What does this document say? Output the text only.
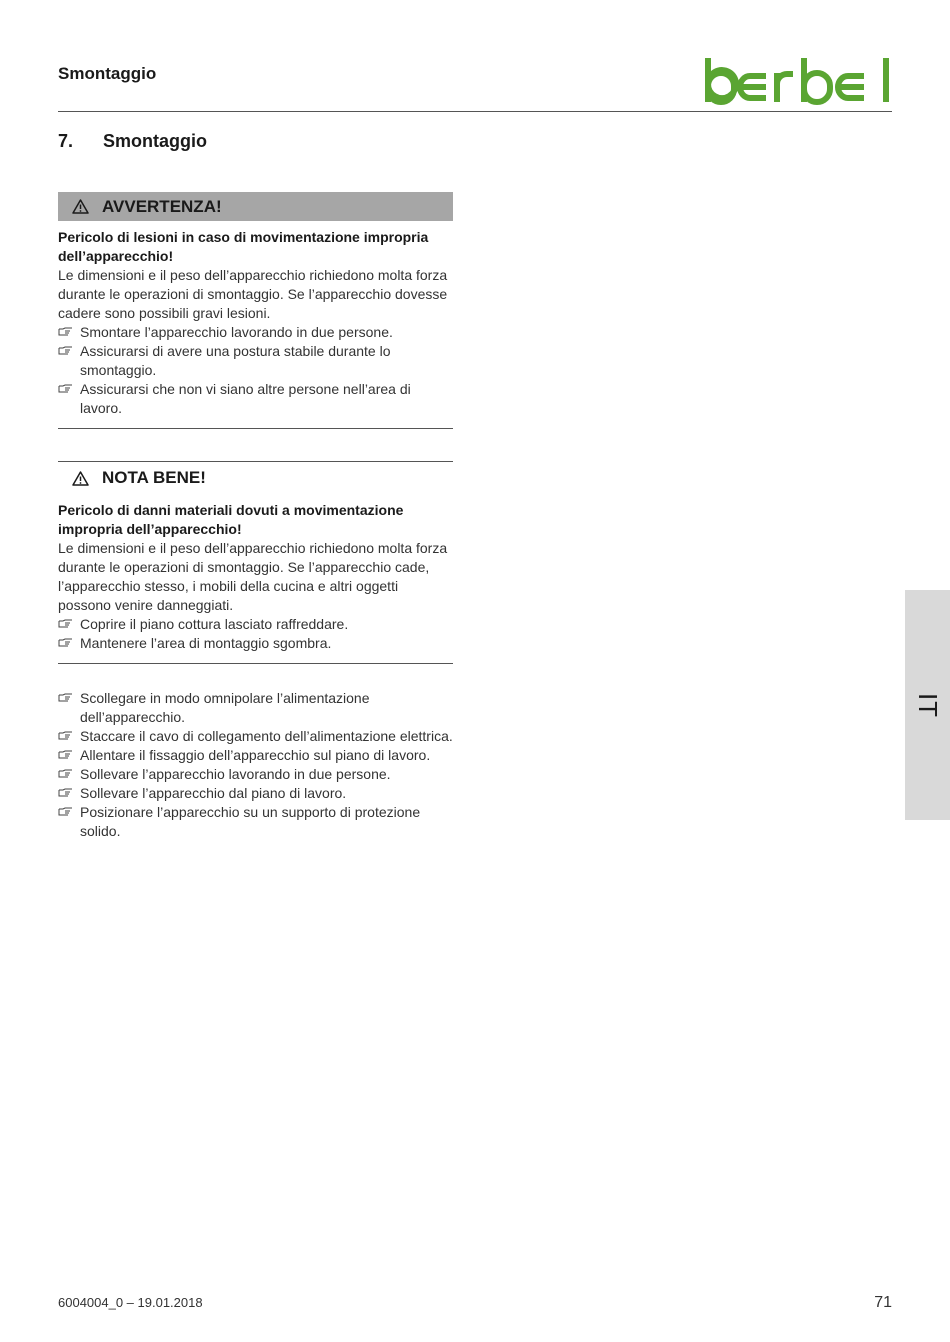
Smontaggio
7. Smontaggio
AVVERTENZA!
Pericolo di lesioni in caso di movimentazione impropria dell’apparecchio!
Le dimensioni e il peso dell’apparecchio richiedono molta forza durante le operazioni di smontaggio. Se l’apparecchio dovesse cadere sono possibili gravi lesioni.
Smontare l’apparecchio lavorando in due persone.
Assicurarsi di avere una postura stabile durante lo smontaggio.
Assicurarsi che non vi siano altre persone nell’area di lavoro.
NOTA BENE!
Pericolo di danni materiali dovuti a movimentazione impropria dell’apparecchio!
Le dimensioni e il peso dell’apparecchio richiedono molta forza durante le operazioni di smontaggio. Se l’apparecchio cade, l’apparecchio stesso, i mobili della cucina e altri oggetti possono venire danneggiati.
Coprire il piano cottura lasciato raffreddare.
Mantenere l’area di montaggio sgombra.
Scollegare in modo omnipolare l’alimentazione dell’apparecchio.
Staccare il cavo di collegamento dell’alimentazione elettrica.
Allentare il fissaggio dell’apparecchio sul piano di lavoro.
Sollevare l’apparecchio lavorando in due persone.
Sollevare l’apparecchio dal piano di lavoro.
Posizionare l’apparecchio su un supporto di protezione solido.
IT
6004004_0 – 19.01.2018	71
